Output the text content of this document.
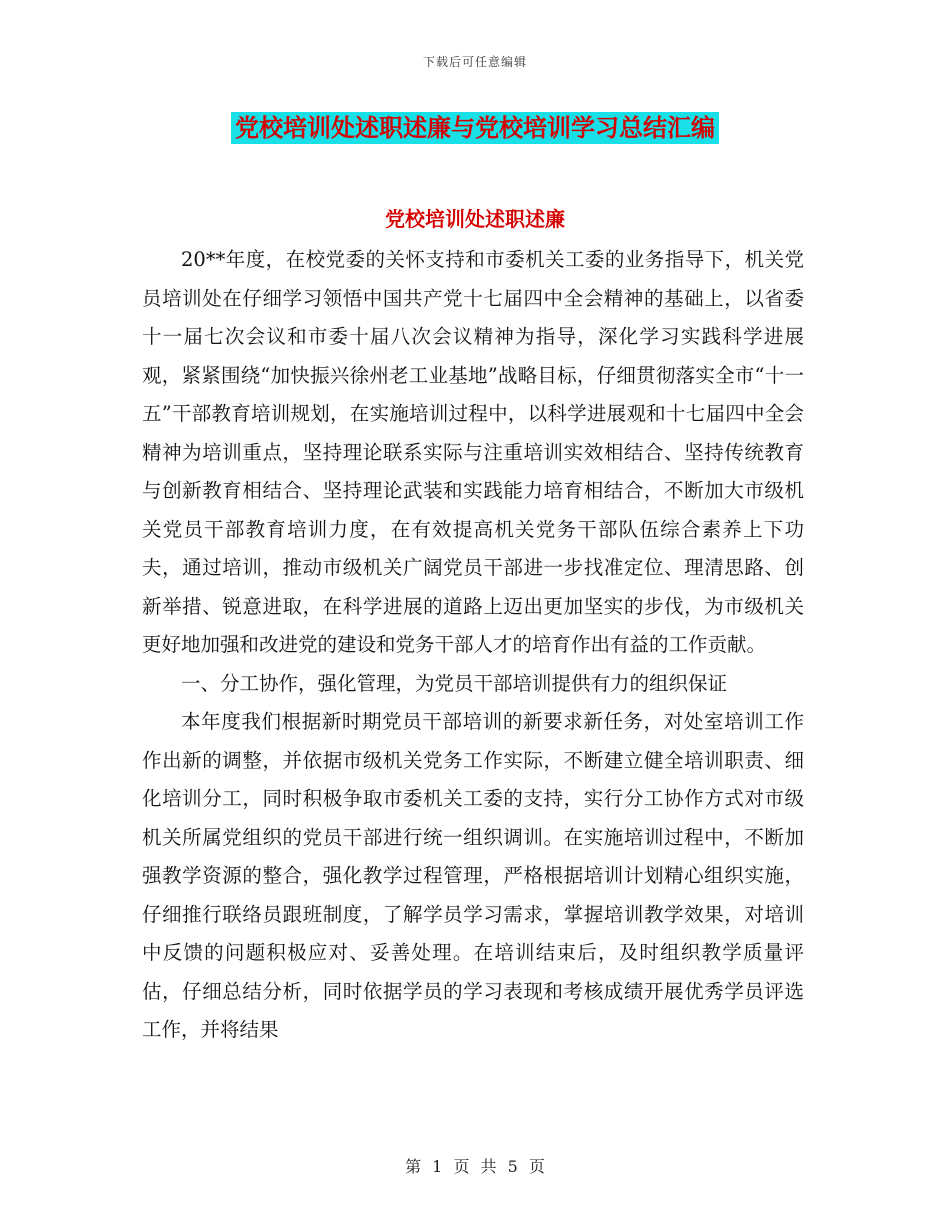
下载后可任意编辑
党校培训处述职述廉与党校培训学习总结汇编
党校培训处述职述廉

20**年度，在校党委的关怀支持和市委机关工委的业务指导下，机关党员培训处在仔细学习领悟中国共产党十七届四中全会精神的基础上，以省委十一届七次会议和市委十届八次会议精神为指导，深化学习实践科学进展观，紧紧围绕“加快振兴徐州老工业基地”战略目标，仔细贯彻落实全市“十一五”干部教育培训规划，在实施培训过程中，以科学进展观和十七届四中全会精神为培训重点，坚持理论联系实际与注重培训实效相结合、坚持传统教育与创新教育相结合、坚持理论武装和实践能力培育相结合，不断加大市级机关党员干部教育培训力度，在有效提高机关党务干部队伍综合素养上下功夫，通过培训，推动市级机关广阔党员干部进一步找准定位、理清思路、创新举措、锐意进取，在科学进展的道路上迈出更加坚实的步伐，为市级机关更好地加强和改进党的建设和党务干部人才的培育作出有益的工作贡献。

一、分工协作，强化管理，为党员干部培训提供有力的组织保证

本年度我们根据新时期党员干部培训的新要求新任务，对处室培训工作作出新的调整，并依据市级机关党务工作实际，不断建立健全培训职责、细化培训分工，同时积极争取市委机关工委的支持，实行分工协作方式对市级机关所属党组织的党员干部进行统一组织调训。在实施培训过程中，不断加强教学资源的整合，强化教学过程管理，严格根据培训计划精心组织实施，仔细推行联络员跟班制度，了解学员学习需求，掌握培训教学效果，对培训中反馈的问题积极应对、妥善处理。在培训结束后，及时组织教学质量评估，仔细总结分析，同时依据学员的学习表现和考核成绩开展优秀学员评选工作，并将结果

第 1 页 共 5 页
